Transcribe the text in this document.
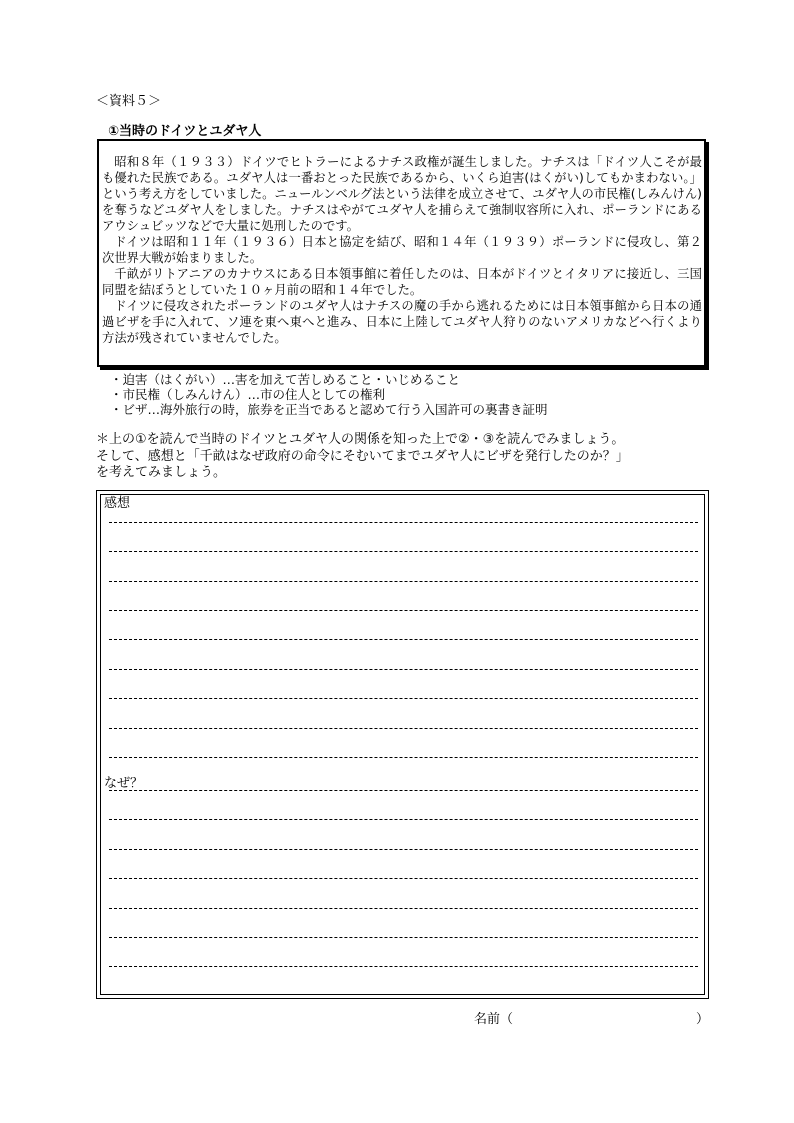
＜資料５＞
①当時のドイツとユダヤ人

昭和８年（１９３３）ドイツでヒトラーによるナチス政権が誕生しました。ナチスは「ドイツ人こそが最も優れた民族である。ユダヤ人は一番おとった民族であるから、いくら迫害(はくがい)してもかまわない。」という考え方をしていました。ニュールンベルグ法という法律を成立させて、ユダヤ人の市民権(しみんけん)を奪うなどユダヤ人をしました。ナチスはやがてユダヤ人を捕らえて強制収容所に入れ、ポーランドにあるアウシュビッツなどで大量に処刑したのです。

ドイツは昭和１１年（１９３６）日本と協定を結び、昭和１４年（１９３９）ポーランドに侵攻し、第２次世界大戦が始まりました。

千畝がリトアニアのカナウスにある日本領事館に着任したのは、日本がドイツとイタリアに接近し、三国同盟を結ぼうとしていた１０ヶ月前の昭和１４年でした。

ドイツに侵攻されたポーランドのユダヤ人はナチスの魔の手から逃れるためには日本領事館から日本の通過ビザを手に入れて、ソ連を東へ東へと進み、日本に上陸してユダヤ人狩りのないアメリカなどへ行くより方法が残されていませんでした。

・迫害（はくがい）…害を加えて苦しめること・いじめること
・市民権（しみんけん）…市の住人としての権利
・ビザ…海外旅行の時，旅券を正当であると認めて行う入国許可の裏書き証明
＊上の①を読んで当時のドイツとユダヤ人の関係を知った上で②・③を読んでみましょう。
そして、感想と「千畝はなぜ政府の命令にそむいてまでユダヤ人にビザを発行したのか？」
を考えてみましょう。
感想
なぜ？
名前（	）
